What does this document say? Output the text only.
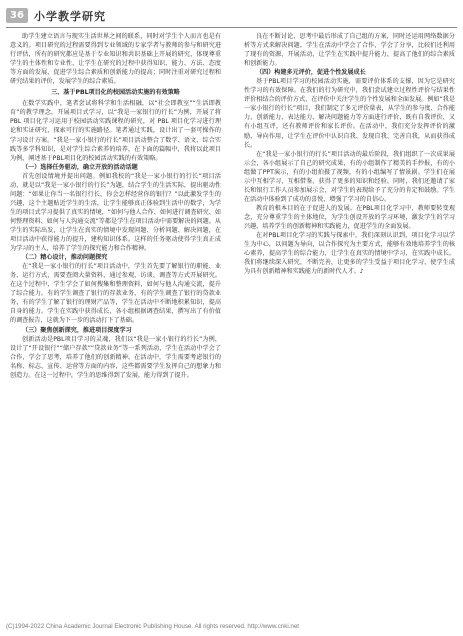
36 小学教学研究

助学生建立语言与现实生活世界之间的联系，同时对学生个人而言也是有意义的。项目研究的过程需要得到专业领域的专家学者与教师的参与和研究进行评估，所有的研究都应是基于专业知识和共识基础上开展的研究，体现尊重学生的主体性和专业性，让学生在研究的过程中获得知识、能力、方法、态度等方面的发展，促进学生综合素质和创新能力的提高；同时注重对研究过程和研究结果的评价，发展学生的综合素质。

三、基于PBL项目化的校园活动实施的有效策略

在数学实践中，笔者尝试将科学和生活相融，以“社会即教室”“生活即教育”的教学理念，开展项目式学习，以“我是一家银行的行长”为例，开展了将 PBL 项目化学习运用于校园活动实践课程的研究，对 PBL 项目化学习进行理论和实证研究，探索可行的实施路径。笔者通过实践，设计出了一套可操作的学习设计方案。“我是一家小银行的行长”项目活动整合了数学、语文、综合实践等多学科知识，是对学生综合素养的培养，在下面的篇幅中，我将以此项目为例，阐述基于PBL项目化的校园活动实践的有效策略。

（一）选择任务驱动，确立开放的活动话题

首先创设情境并提出问题。例如我校的“我是一家小银行的行长”项目活动，就是以“我是一家小银行的行长”为题，结合学生的生活实际，提出驱动性问题：“如果让你当一名银行行长，你会怎样经营你的银行？”以此激发学生的兴趣，这个主题贴近学生的生活，让学生能够真正体验到生活中的数学，为学生的项目式学习提供了真实的情境，“如何与他人合作、如何进行调查研究、如何整理资料、如何与人沟通交流”等都是学生在项目活动中需要解决的问题。从学生的实际出发，让学生在真实的情境中发现问题、分析问题、解决问题，在项目活动中获得能力的提升，建构知识体系。这样的任务驱动使得学生真正成为学习的主人，培养了学生的探究能力和合作精神。

（二）精心设计，推动问题探究

在“我是一家小银行的行长”项目活动中，学生首先要了解银行的职能、业务、运行方式，需要查阅大量资料，通过参观、访谈、调查等方式开展研究。在这个过程中，学生学会了如何搜集和整理资料，如何与他人沟通交流，提升了综合能力。有的学生调查了银行的存款业务，有的学生调查了银行的贷款业务，有的学生了解了银行的理财产品等，学生在活动中不断地积累知识，提高自身的能力。学生在实践中获得成长，各小组根据调查结果，撰写出了有价值的调查报告，这就为下一步的活动打下了基础。

（三）聚焦创新探究，推进项目深度学习

创新活动是PBL项目学习的灵魂，我们以“我是一家小银行的行长”为例，设计了“开设银行”“储户存款”“贷款业务”等一系列活动，学生在活动中学会了合作，学会了思考，培养了他们的创新精神。在活动中，学生需要考虑银行的名称、标志、宣传、运营等方面的内容，这些都需要学生发挥自己的想象力和创造力。在这一过程中，学生的思维得到了发展，能力得到了提升。

良在不断讨论、思考中最后形成了自己组的方案，同时还运用网络数据分析等方式来解决问题。学生在活动中学会了合作，学会了分享，比较们还利用了现有的资源，开展活动，让学生在实践中提升能力，提高了他们的综合素质和创新能力。

（四）构建多元评价，促进个性发展成长

基于PBL项目学习的校园活动实施，需要评价体系的支撑，因为它是研究性学习的有效保障。在我们的行为研究中，我们尝试建立过程性评价与结果性评价相结合的评价方式，在评价中关注学生的个性发展和全面发展。例如“我是一家小银行的行长”项目，我们制定了多元评价量表，从学生的参与度、合作能力、创新能力、表达能力、解决问题能力等方面进行评价，既有自我评价，又有小组互评，还有教师评价和家长评价。在活动中，我们充分发挥评价的激励、导向作用，让学生在评价中认识自我、发现自我、完善自我，从而获得成长。

在“我是一家小银行的行长”项目活动的最后阶段，我们组织了一次成果展示会，各小组展示了自己的研究成果，有的小组制作了精美的手抄报，有的小组做了PPT演示，有的小组拍摄了视频，有的小组编写了情景剧。学生们在展示中互相学习，互相借鉴，获得了更多的知识和经验。同时，我们还邀请了家长和银行工作人员参加展示会，对学生的表现给予了充分的肯定和鼓励。学生在活动中体验到了成功的喜悦，增强了学习的自信心。

教育的根本目的在于促进人的发展。在PBL项目化学习中，教师要转变观念，充分尊重学生的主体地位，为学生创设开放的学习环境，激发学生的学习兴趣，培养学生的创新精神和实践能力，促进学生的全面发展。

在对PBL项目化学习的实践与探索中，我们深刻认识到，项目化学习以学生为中心，以问题为导向，以合作探究为主要方式，能够有效地培养学生的核心素养，提高学生的综合能力，让学生在真实的情境中学习，在实践中成长。我们将继续深入研究，不断完善，让更多的学生受益于项目化学习，使学生成为具有创新精神和实践能力的新时代人才。♪

(C)1994-2022 China Academic Journal Electronic Publishing House. All rights reserved. http://www.cnki.net
